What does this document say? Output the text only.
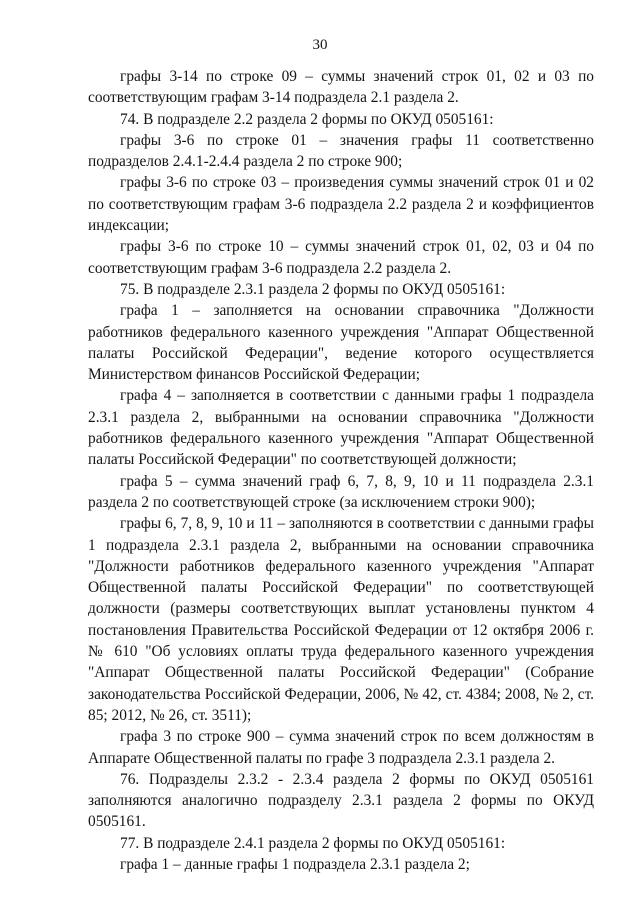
30

графы 3-14 по строке 09 – суммы значений строк 01, 02 и 03 по соответствующим графам 3-14 подраздела 2.1 раздела 2.

74. В подразделе 2.2 раздела 2 формы по ОКУД 0505161:

графы 3-6 по строке 01 – значения графы 11 соответственно подразделов 2.4.1-2.4.4 раздела 2 по строке 900;

графы 3-6 по строке 03 – произведения суммы значений строк 01 и 02 по соответствующим графам 3-6 подраздела 2.2 раздела 2 и коэффициентов индексации;

графы 3-6 по строке 10 – суммы значений строк 01, 02, 03 и 04 по соответствующим графам 3-6 подраздела 2.2 раздела 2.

75. В подразделе 2.3.1 раздела 2 формы по ОКУД 0505161:

графа 1 – заполняется на основании справочника "Должности работников федерального казенного учреждения "Аппарат Общественной палаты Российской Федерации", ведение которого осуществляется Министерством финансов Российской Федерации;

графа 4 – заполняется в соответствии с данными графы 1 подраздела 2.3.1 раздела 2, выбранными на основании справочника "Должности работников федерального казенного учреждения "Аппарат Общественной палаты Российской Федерации" по соответствующей должности;

графа 5 – сумма значений граф 6, 7, 8, 9, 10 и 11 подраздела 2.3.1 раздела 2 по соответствующей строке (за исключением строки 900);

графы 6, 7, 8, 9, 10 и 11 – заполняются в соответствии с данными графы 1 подраздела 2.3.1 раздела 2, выбранными на основании справочника "Должности работников федерального казенного учреждения "Аппарат Общественной палаты Российской Федерации" по соответствующей должности (размеры соответствующих выплат установлены пунктом 4 постановления Правительства Российской Федерации от 12 октября 2006 г. № 610 "Об условиях оплаты труда федерального казенного учреждения "Аппарат Общественной палаты Российской Федерации" (Собрание законодательства Российской Федерации, 2006, № 42, ст. 4384; 2008, № 2, ст. 85; 2012, № 26, ст. 3511);

графа 3 по строке 900 – сумма значений строк по всем должностям в Аппарате Общественной палаты по графе 3 подраздела 2.3.1 раздела 2.

76. Подразделы 2.3.2 - 2.3.4 раздела 2 формы по ОКУД 0505161 заполняются аналогично подразделу 2.3.1 раздела 2 формы по ОКУД 0505161.

77. В подразделе 2.4.1 раздела 2 формы по ОКУД 0505161:

графа 1 – данные графы 1 подраздела 2.3.1 раздела 2;
